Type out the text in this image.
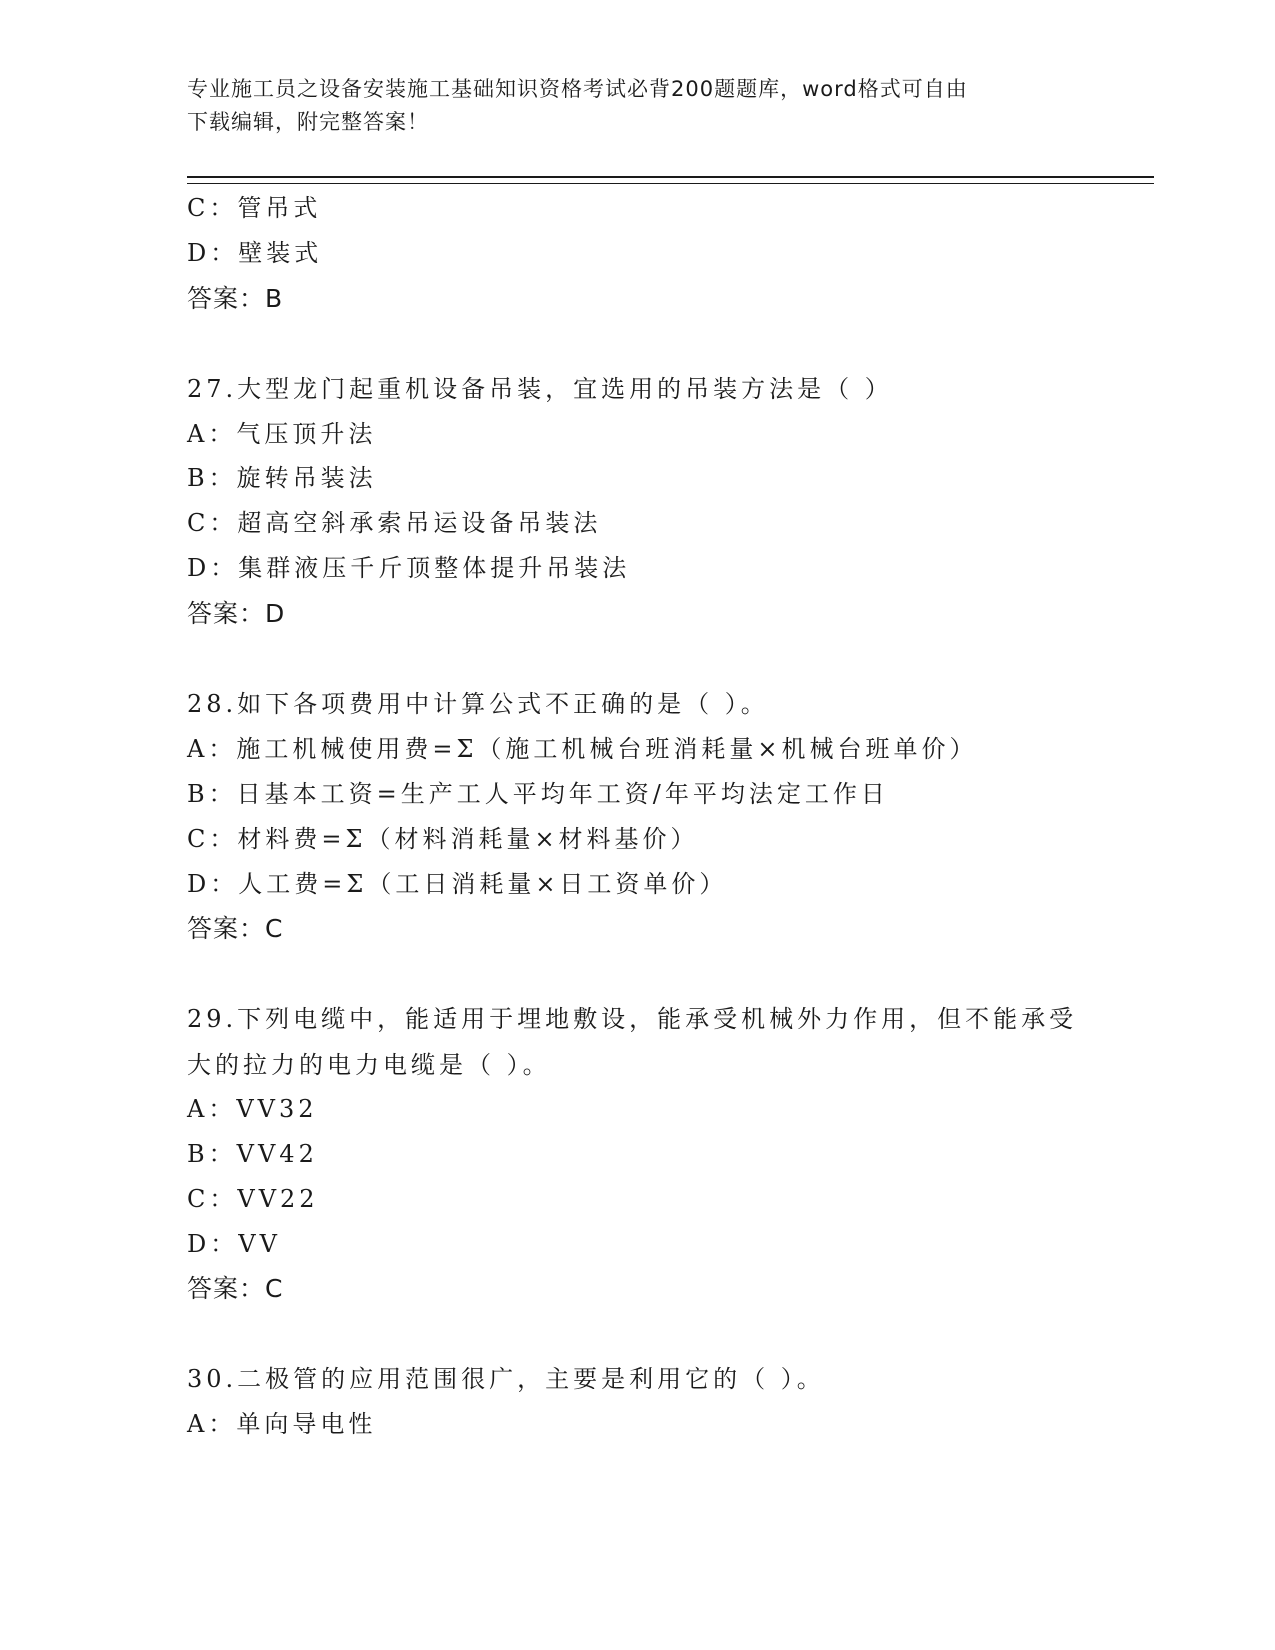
专业施工员之设备安装施工基础知识资格考试必背200题题库，word格式可自由
下载编辑，附完整答案！
C：管吊式
D：壁装式
答案：B
27.大型龙门起重机设备吊装，宜选用的吊装方法是（ ）
A：气压顶升法
B：旋转吊装法
C：超高空斜承索吊运设备吊装法
D：集群液压千斤顶整体提升吊装法
答案：D
28.如下各项费用中计算公式不正确的是（ ）。
A：施工机械使用费=Σ（施工机械台班消耗量×机械台班单价）
B：日基本工资=生产工人平均年工资/年平均法定工作日
C：材料费=Σ（材料消耗量×材料基价）
D：人工费=Σ（工日消耗量×日工资单价）
答案：C
29.下列电缆中，能适用于埋地敷设，能承受机械外力作用，但不能承受大的拉力的电力电缆是（ ）。
A：VV32
B：VV42
C：VV22
D：VV
答案：C
30.二极管的应用范围很广，主要是利用它的（ ）。
A：单向导电性
